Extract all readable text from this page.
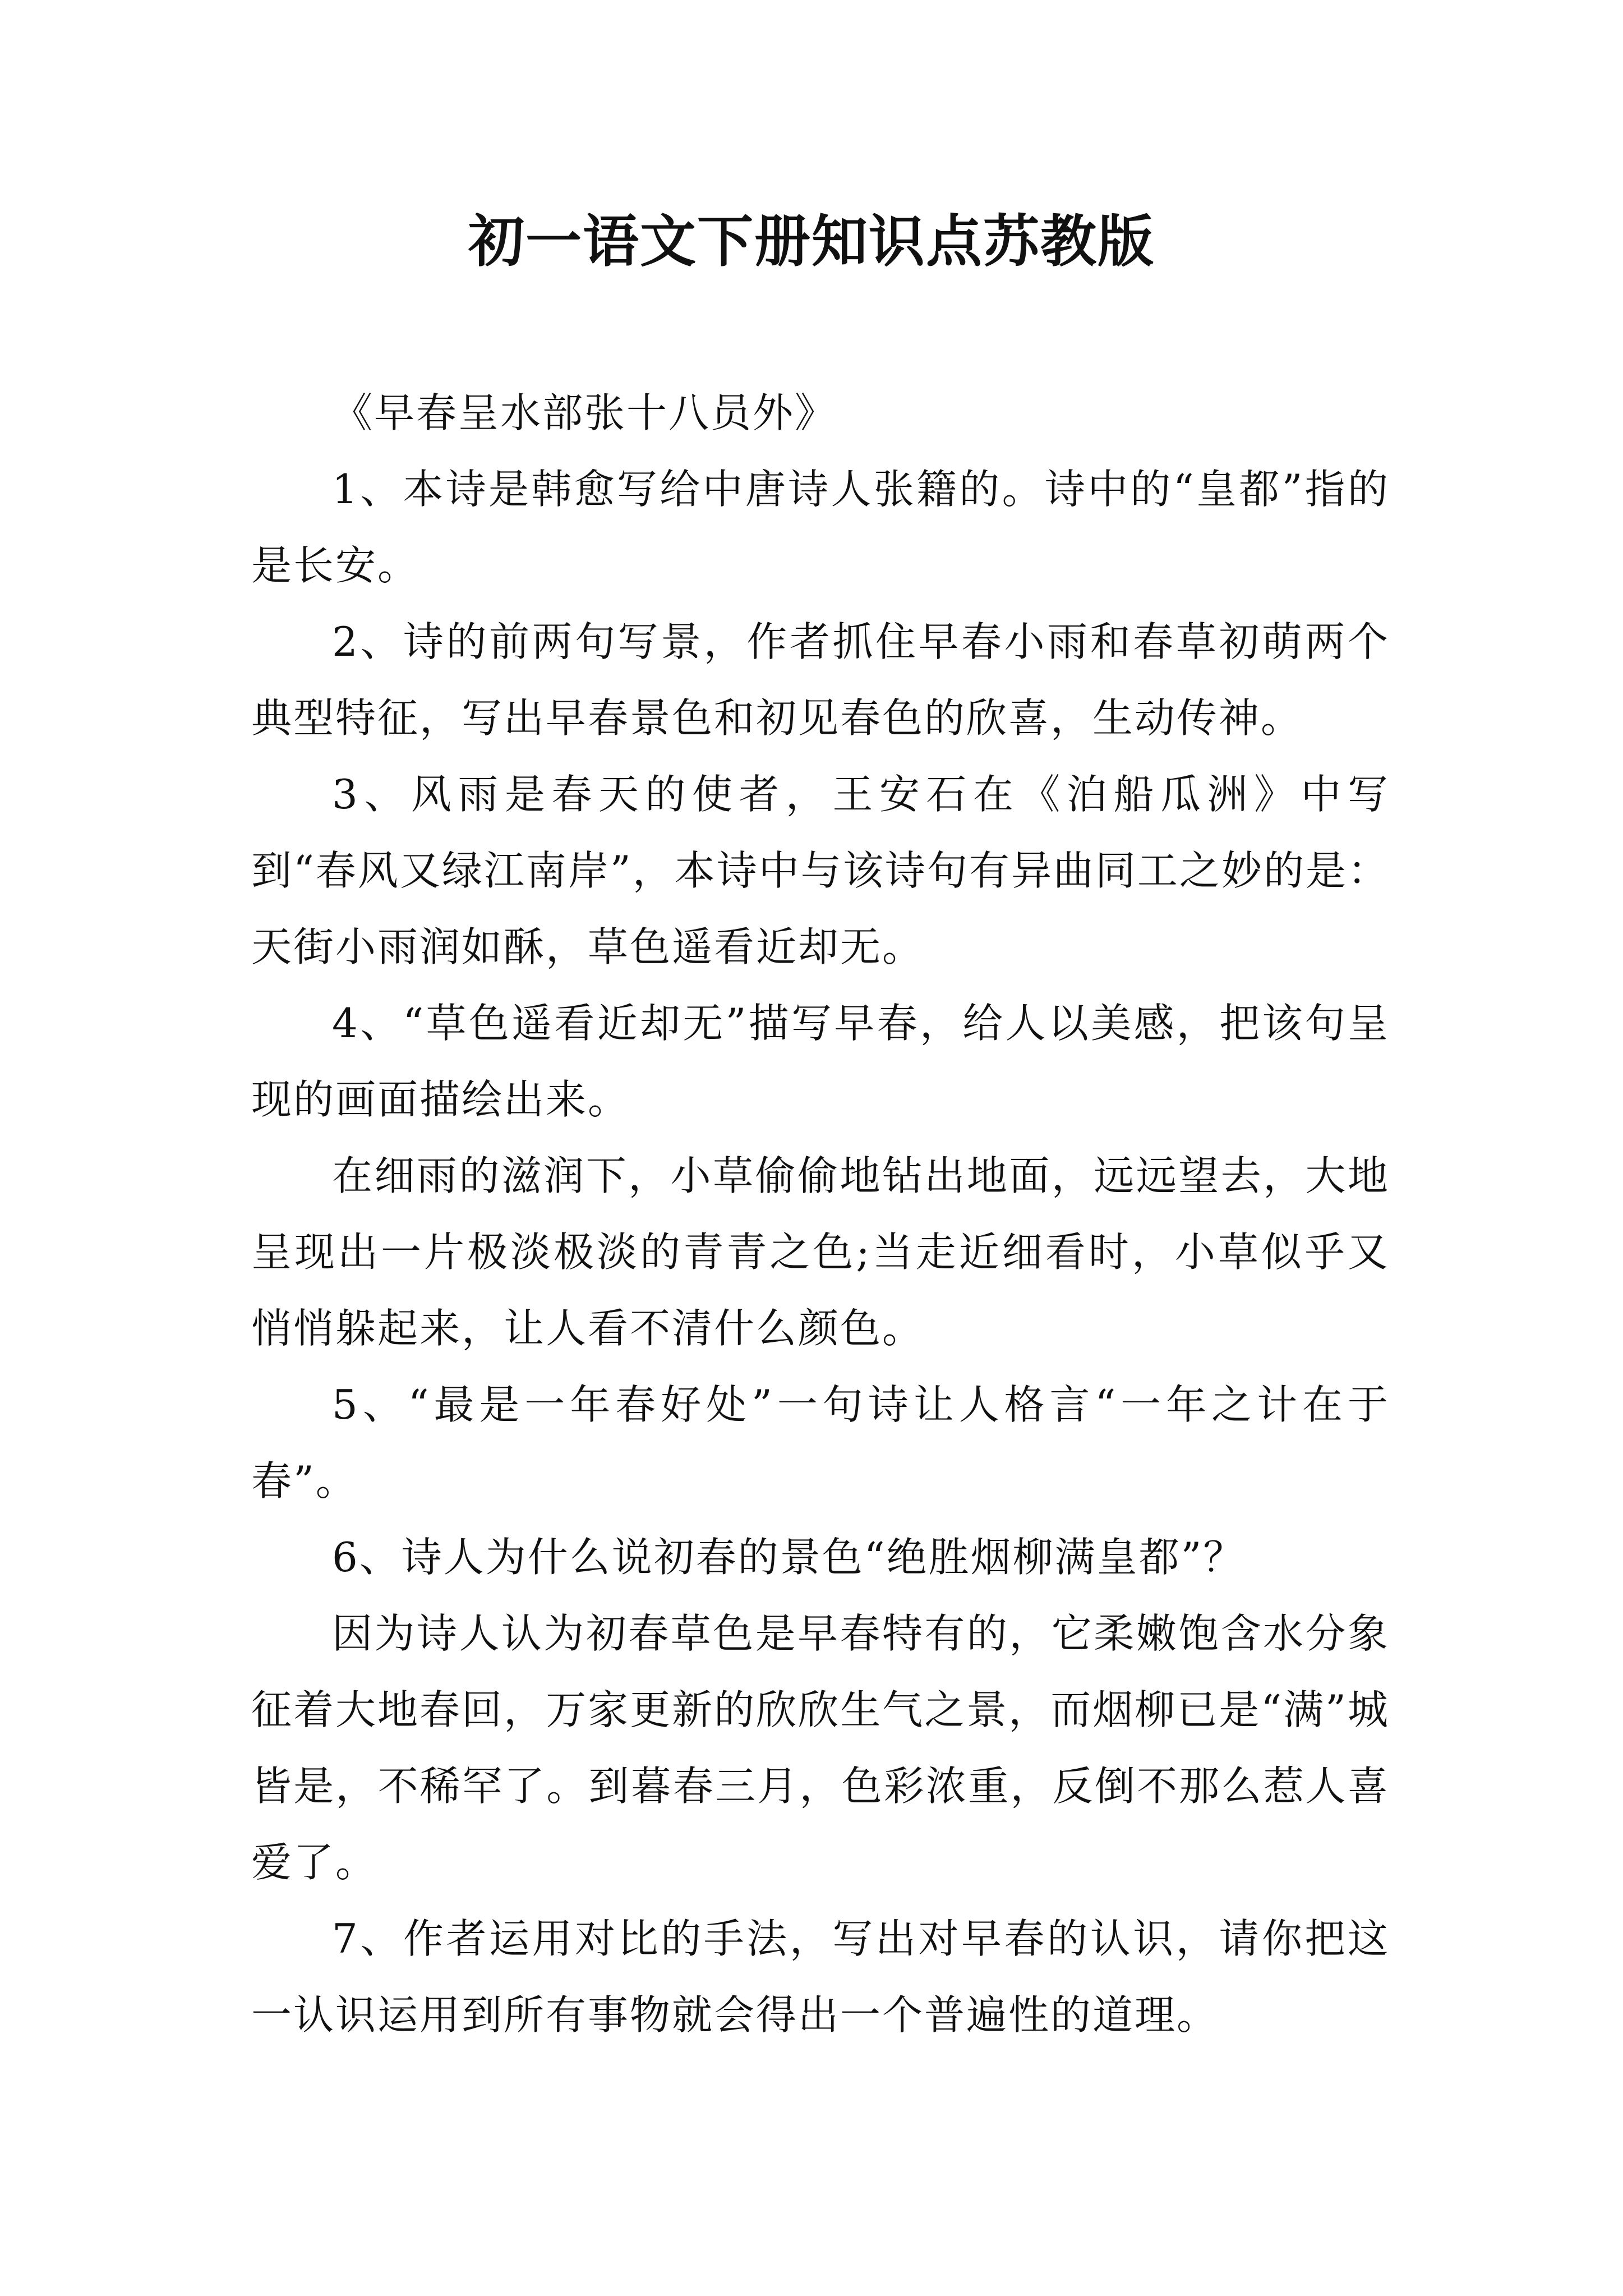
初一语文下册知识点苏教版

《早春呈水部张十八员外》

1、本诗是韩愈写给中唐诗人张籍的。诗中的“皇都”指的是长安。

2、诗的前两句写景，作者抓住早春小雨和春草初萌两个典型特征，写出早春景色和初见春色的欣喜，生动传神。

3、风雨是春天的使者，王安石在《泊船瓜洲》中写到“春风又绿江南岸”，本诗中与该诗句有异曲同工之妙的是：天街小雨润如酥，草色遥看近却无。

4、“草色遥看近却无”描写早春，给人以美感，把该句呈现的画面描绘出来。

在细雨的滋润下，小草偷偷地钻出地面，远远望去，大地呈现出一片极淡极淡的青青之色;当走近细看时，小草似乎又悄悄躲起来，让人看不清什么颜色。

5、“最是一年春好处”一句诗让人格言“一年之计在于春”。

6、诗人为什么说初春的景色“绝胜烟柳满皇都”？

因为诗人认为初春草色是早春特有的，它柔嫩饱含水分象征着大地春回，万家更新的欣欣生气之景，而烟柳已是“满”城皆是，不稀罕了。到暮春三月，色彩浓重，反倒不那么惹人喜爱了。

7、作者运用对比的手法，写出对早春的认识，请你把这一认识运用到所有事物就会得出一个普遍性的道理。
